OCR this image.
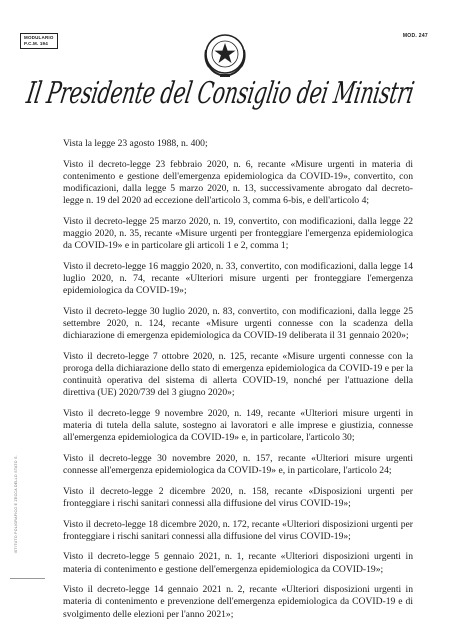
MODULARIO
P.C.M. 194
MOD. 247
Il Presidente del Consiglio dei Ministri

Vista la legge 23 agosto 1988, n. 400;

Visto il decreto-legge 23 febbraio 2020, n. 6, recante «Misure urgenti in materia di contenimento e gestione dell'emergenza epidemiologica da COVID-19», convertito, con modificazioni, dalla legge 5 marzo 2020, n. 13, successivamente abrogato dal decreto-legge n. 19 del 2020 ad eccezione dell'articolo 3, comma 6-bis, e dell'articolo 4;

Visto il decreto-legge 25 marzo 2020, n. 19, convertito, con modificazioni, dalla legge 22 maggio 2020, n. 35, recante «Misure urgenti per fronteggiare l'emergenza epidemiologica da COVID-19» e in particolare gli articoli 1 e 2, comma 1;

Visto il decreto-legge 16 maggio 2020, n. 33, convertito, con modificazioni, dalla legge 14 luglio 2020, n. 74, recante «Ulteriori misure urgenti per fronteggiare l'emergenza epidemiologica da COVID-19»;

Visto il decreto-legge 30 luglio 2020, n. 83, convertito, con modificazioni, dalla legge 25 settembre 2020, n. 124, recante «Misure urgenti connesse con la scadenza della dichiarazione di emergenza epidemiologica da COVID-19 deliberata il 31 gennaio 2020»;

Visto il decreto-legge 7 ottobre 2020, n. 125, recante «Misure urgenti connesse con la proroga della dichiarazione dello stato di emergenza epidemiologica da COVID-19 e per la continuità operativa del sistema di allerta COVID-19, nonché per l'attuazione della direttiva (UE) 2020/739 del 3 giugno 2020»;

Visto il decreto-legge 9 novembre 2020, n. 149, recante «Ulteriori misure urgenti in materia di tutela della salute, sostegno ai lavoratori e alle imprese e giustizia, connesse all'emergenza epidemiologica da COVID-19» e, in particolare, l'articolo 30;

Visto il decreto-legge 30 novembre 2020, n. 157, recante «Ulteriori misure urgenti connesse all'emergenza epidemiologica da COVID-19» e, in particolare, l'articolo 24;

Visto il decreto-legge 2 dicembre 2020, n. 158, recante «Disposizioni urgenti per fronteggiare i rischi sanitari connessi alla diffusione del virus COVID-19»;

Visto il decreto-legge 18 dicembre 2020, n. 172, recante «Ulteriori disposizioni urgenti per fronteggiare i rischi sanitari connessi alla diffusione del virus COVID-19»;

Visto il decreto-legge 5 gennaio 2021, n. 1, recante «Ulteriori disposizioni urgenti in materia di contenimento e gestione dell'emergenza epidemiologica da COVID-19»;

Visto il decreto-legge 14 gennaio 2021 n. 2, recante «Ulteriori disposizioni urgenti in materia di contenimento e prevenzione dell'emergenza epidemiologica da COVID-19 e di svolgimento delle elezioni per l'anno 2021»;

ISTITUTO POLIGRAFICO E ZECCA DELLO STATO S.
